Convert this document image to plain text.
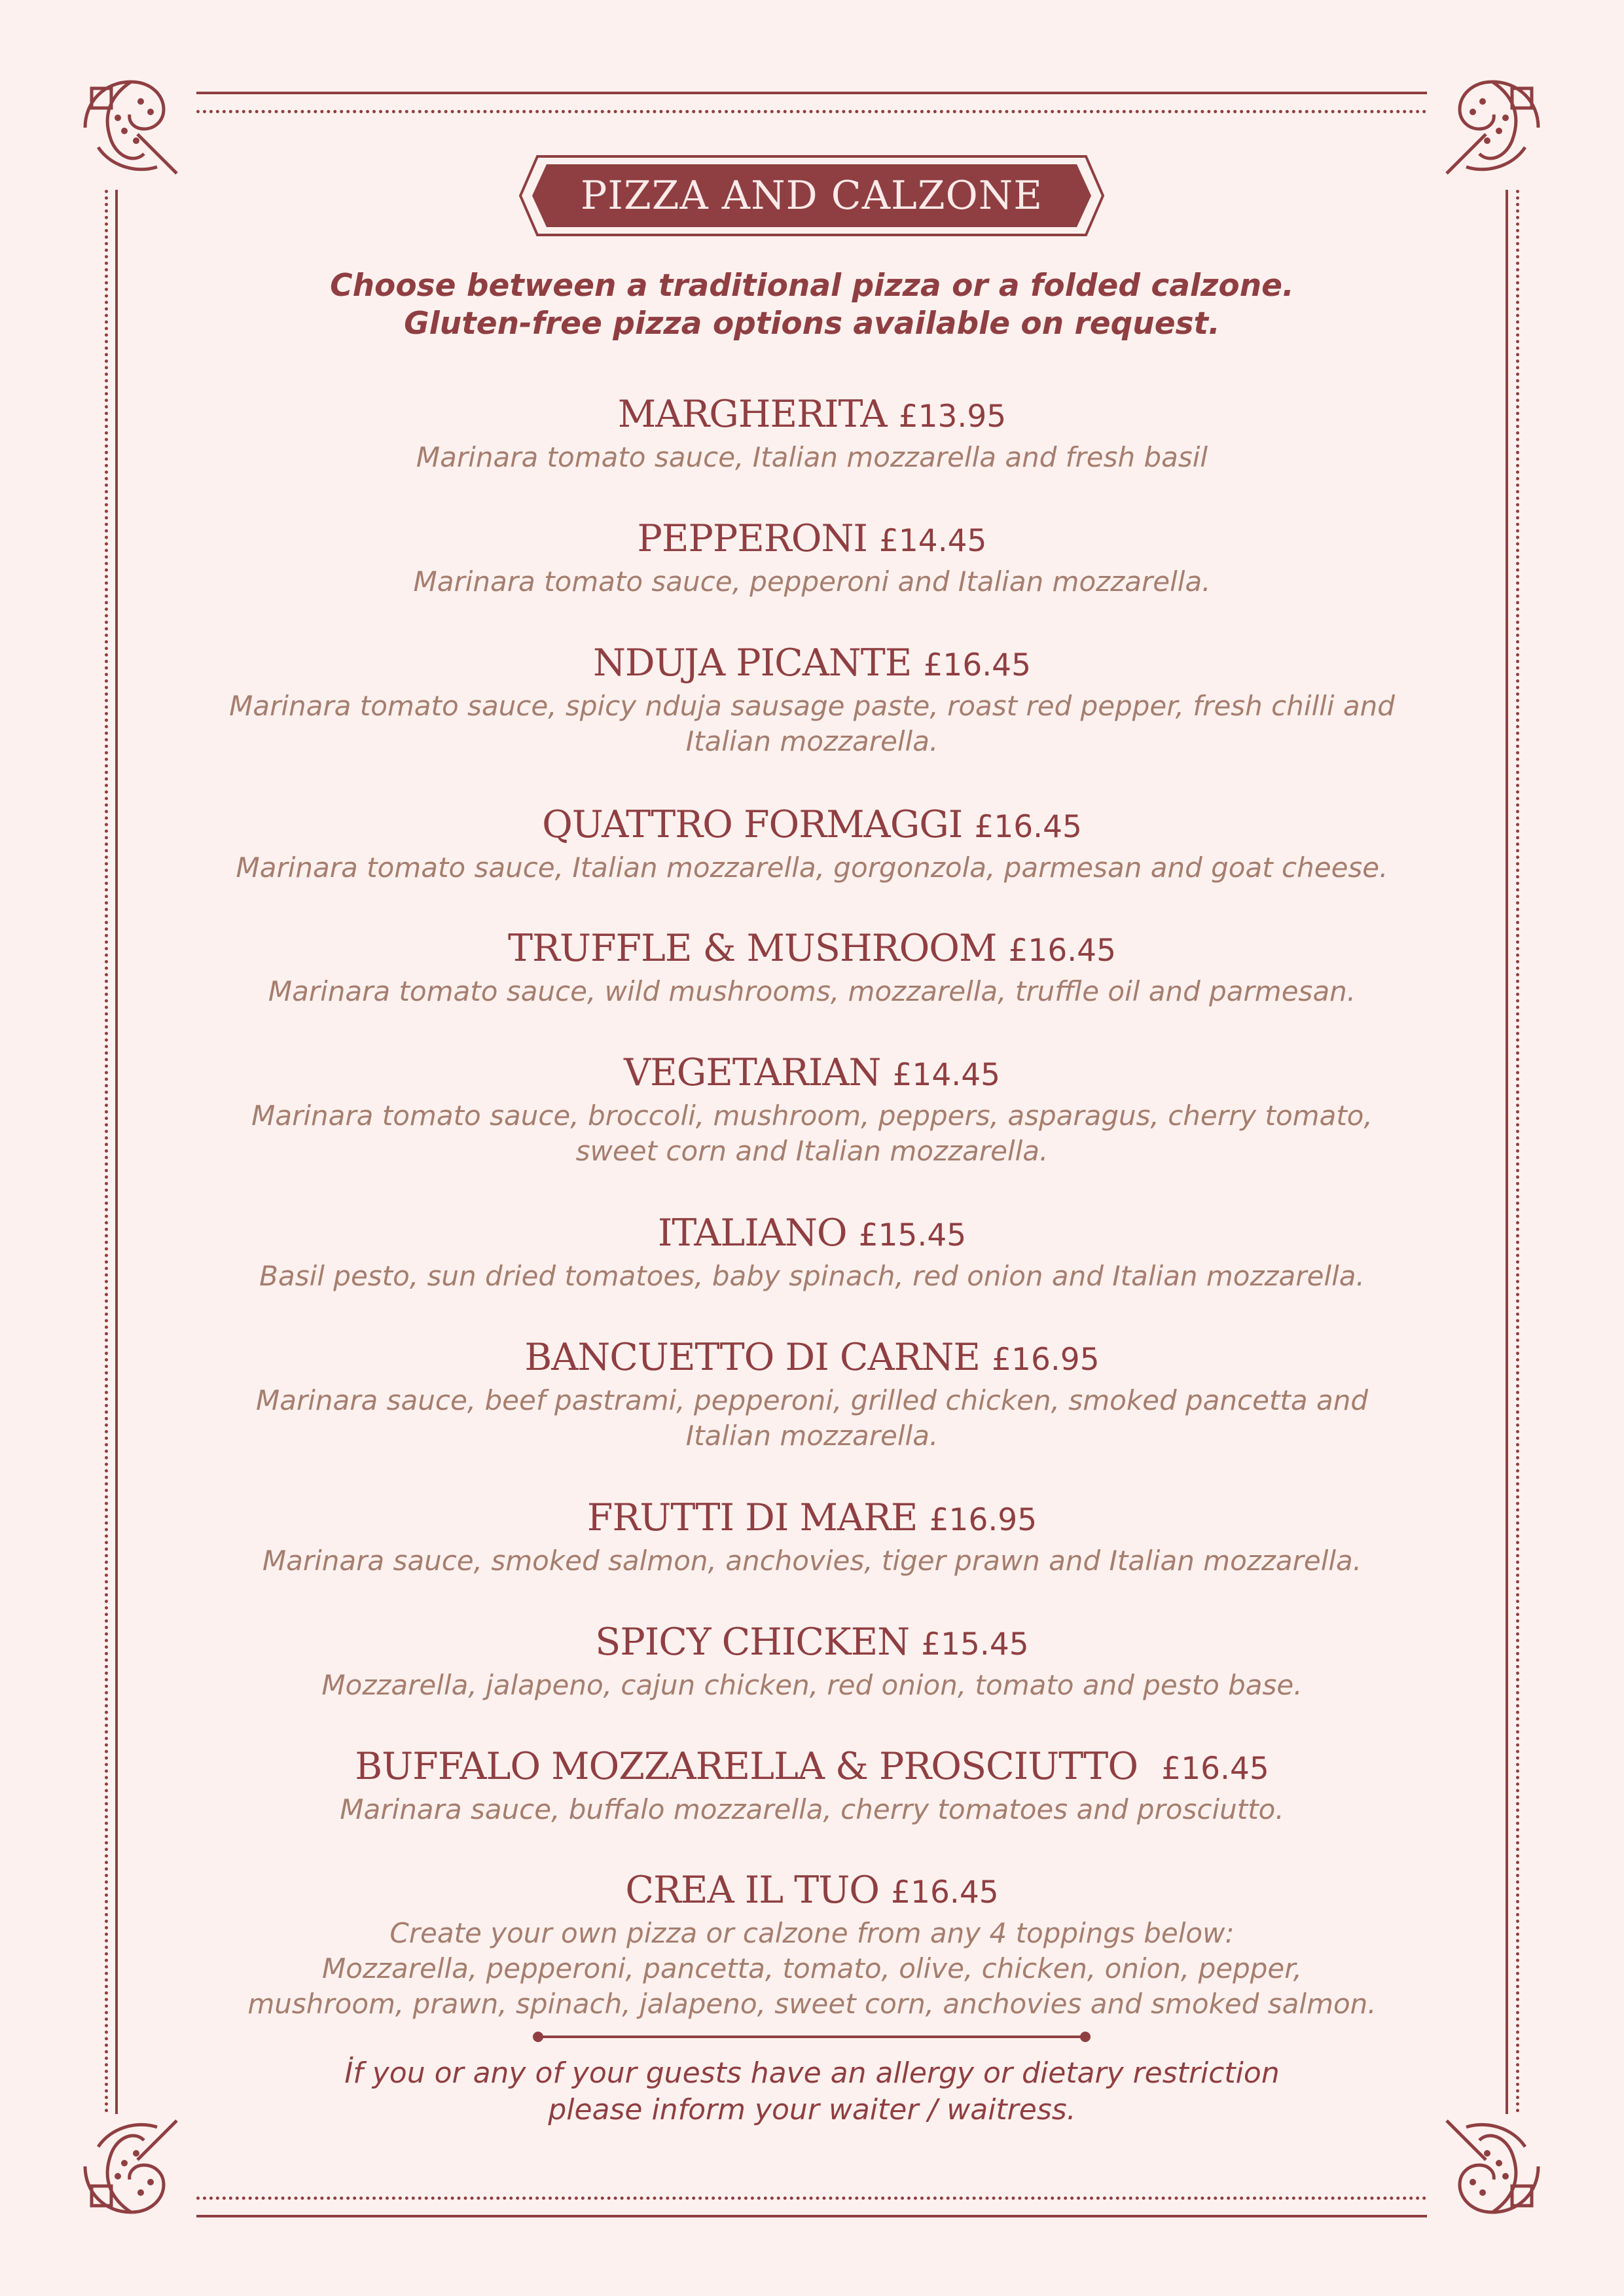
PIZZA AND CALZONE
Choose between a traditional pizza or a folded calzone.
Gluten-free pizza options available on request.
MARGHERITA £13.95
Marinara tomato sauce, Italian mozzarella and fresh basil
PEPPERONI £14.45
Marinara tomato sauce, pepperoni and Italian mozzarella.
NDUJA PICANTE £16.45
Marinara tomato sauce, spicy nduja sausage paste, roast red pepper, fresh chilli and
Italian mozzarella.
QUATTRO FORMAGGI £16.45
Marinara tomato sauce, Italian mozzarella, gorgonzola, parmesan and goat cheese.
TRUFFLE & MUSHROOM £16.45
Marinara tomato sauce, wild mushrooms, mozzarella, truffle oil and parmesan.
VEGETARIAN £14.45
Marinara tomato sauce, broccoli, mushroom, peppers, asparagus, cherry tomato,
sweet corn and Italian mozzarella.
ITALIANO £15.45
Basil pesto, sun dried tomatoes, baby spinach, red onion and Italian mozzarella.
BANCUETTO DI CARNE £16.95
Marinara sauce, beef pastrami, pepperoni, grilled chicken, smoked pancetta and
Italian mozzarella.
FRUTTI DI MARE £16.95
Marinara sauce, smoked salmon, anchovies, tiger prawn and Italian mozzarella.
SPICY CHICKEN £15.45
Mozzarella, jalapeno, cajun chicken, red onion, tomato and pesto base.
BUFFALO MOZZARELLA & PROSCIUTTO £16.45
Marinara sauce, buffalo mozzarella, cherry tomatoes and prosciutto.
CREA IL TUO £16.45
Create your own pizza or calzone from any 4 toppings below:
Mozzarella, pepperoni, pancetta, tomato, olive, chicken, onion, pepper,
mushroom, prawn, spinach, jalapeno, sweet corn, anchovies and smoked salmon.
İf you or any of your guests have an allergy or dietary restriction
please inform your waiter / waitress.
